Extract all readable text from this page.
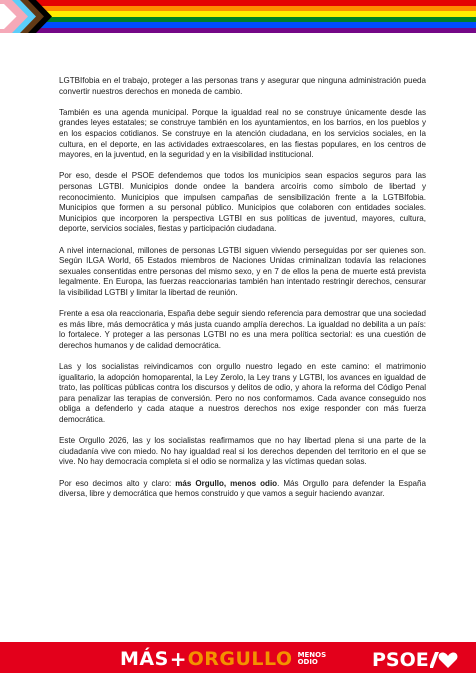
LGTBIfobia en el trabajo, proteger a las personas trans y asegurar que ninguna administración pueda convertir nuestros derechos en moneda de cambio.

También es una agenda municipal. Porque la igualdad real no se construye únicamente desde las grandes leyes estatales; se construye también en los ayuntamientos, en los barrios, en los pueblos y en los espacios cotidianos. Se construye en la atención ciudadana, en los servicios sociales, en la cultura, en el deporte, en las actividades extraescolares, en las fiestas populares, en los centros de mayores, en la juventud, en la seguridad y en la visibilidad institucional.

Por eso, desde el PSOE defendemos que todos los municipios sean espacios seguros para las personas LGTBI. Municipios donde ondee la bandera arcoíris como símbolo de libertad y reconocimiento. Municipios que impulsen campañas de sensibilización frente a la LGTBIfobia. Municipios que formen a su personal público. Municipios que colaboren con entidades sociales. Municipios que incorporen la perspectiva LGTBI en sus políticas de juventud, mayores, cultura, deporte, servicios sociales, fiestas y participación ciudadana.

A nivel internacional, millones de personas LGTBI siguen viviendo perseguidas por ser quienes son. Según ILGA World, 65 Estados miembros de Naciones Unidas criminalizan todavía las relaciones sexuales consentidas entre personas del mismo sexo, y en 7 de ellos la pena de muerte está prevista legalmente. En Europa, las fuerzas reaccionarias también han intentado restringir derechos, censurar la visibilidad LGTBI y limitar la libertad de reunión.

Frente a esa ola reaccionaria, España debe seguir siendo referencia para demostrar que una sociedad es más libre, más democrática y más justa cuando amplía derechos. La igualdad no debilita a un país: lo fortalece. Y proteger a las personas LGTBI no es una mera política sectorial: es una cuestión de derechos humanos y de calidad democrática.

Las y los socialistas reivindicamos con orgullo nuestro legado en este camino: el matrimonio igualitario, la adopción homoparental, la Ley Zerolo, la Ley trans y LGTBI, los avances en igualdad de trato, las políticas públicas contra los discursos y delitos de odio, y ahora la reforma del Código Penal para penalizar las terapias de conversión. Pero no nos conformamos. Cada avance conseguido nos obliga a defenderlo y cada ataque a nuestros derechos nos exige responder con más fuerza democrática.

Este Orgullo 2026, las y los socialistas reafirmamos que no hay libertad plena si una parte de la ciudadanía vive con miedo. No hay igualdad real si los derechos dependen del territorio en el que se vive. No hay democracia completa si el odio se normaliza y las víctimas quedan solas.

Por eso decimos alto y claro: más Orgullo, menos odio. Más Orgullo para defender la España diversa, libre y democrática que hemos construido y que vamos a seguir haciendo avanzar.

MÁS + ORGULLO MENOS
ODIO	PSOE
